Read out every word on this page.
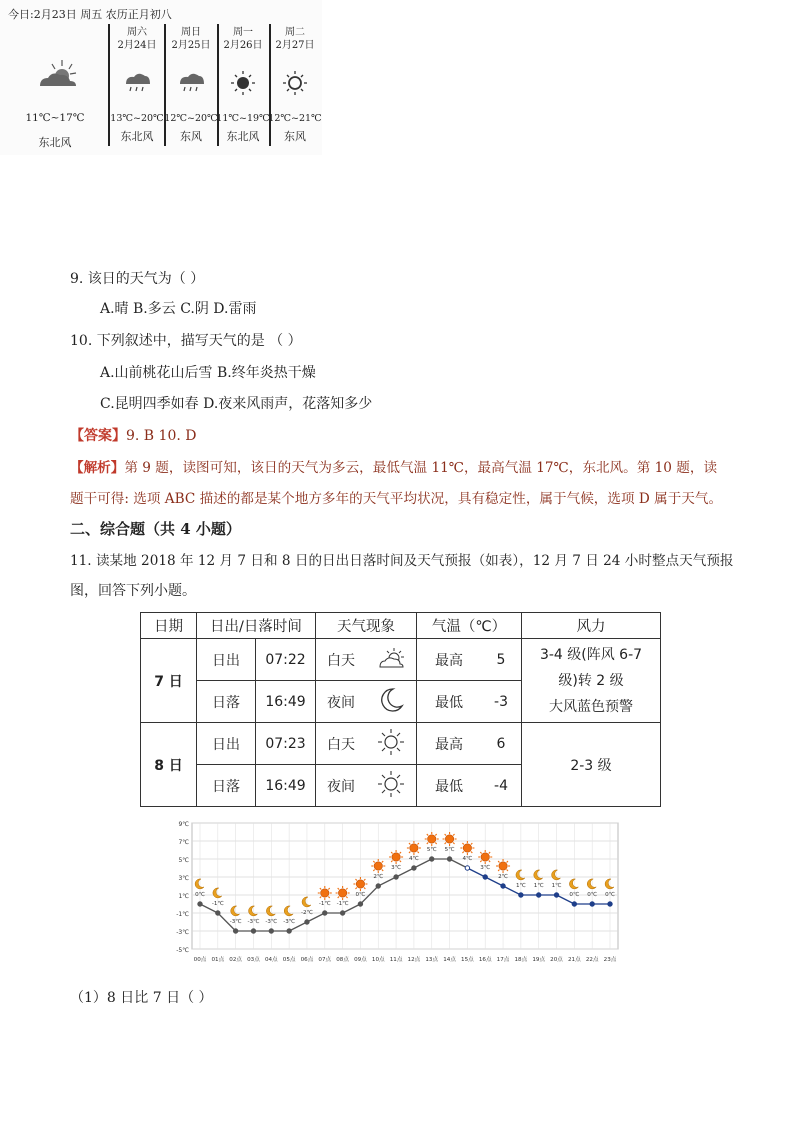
今日:2月23日 周五 农历正月初八
11℃~17℃
东北风
周六
2月24日
13℃~20℃
东北风
周日
2月25日
12℃~20℃
东风
周一
2月26日
11℃~19℃
东北风
周二
2月27日
12℃~21℃
东风
9. 该日的天气为（ ）
A.晴 B.多云 C.阴 D.雷雨
10. 下列叙述中，描写天气的是 （ ）
A.山前桃花山后雪 B.终年炎热干燥
C.昆明四季如春 D.夜来风雨声，花落知多少
【答案】9. B 10. D
【解析】第 9 题，读图可知，该日的天气为多云，最低气温 11℃，最高气温 17℃，东北风。第 10 题，读
题干可得: 选项 ABC 描述的都是某个地方多年的天气平均状况，具有稳定性，属于气候，选项 D 属于天气。
二、综合题（共 4 小题）
11. 读某地 2018 年 12 月 7 日和 8 日的日出日落时间及天气预报（如表），12 月 7 日 24 小时整点天气预报
图，回答下列小题。
日期	日出/日落时间		天气现象		气温（℃）		风力
7 日	日出	07:22	白天		最高	5	3-4 级(阵风 6-7
级)转 2 级
大风蓝色预警

	日落	16:49	夜间		最低	-3	
8 日	日出	07:23	白天		最高	6	2-3 级
	日落	16:49	夜间		最低	-4	
9℃
7℃
5℃
3℃
1℃
-1℃
-3℃
-5℃
00点 01点 02点 03点 04点 05点 06点 07点 08点 09点 10点 11点 12点 13点 14点 15点 16点 17点 18点 19点 20点 21点 22点 23点
0℃
-1℃
-3℃ -3℃ -3℃ -3℃
-2℃
-1℃ -1℃
0℃
2℃
3℃
4℃
5℃ 5℃
4℃
3℃
2℃
1℃ 1℃ 1℃
0℃ 0℃ 0℃
（1）8 日比 7 日（ ）
